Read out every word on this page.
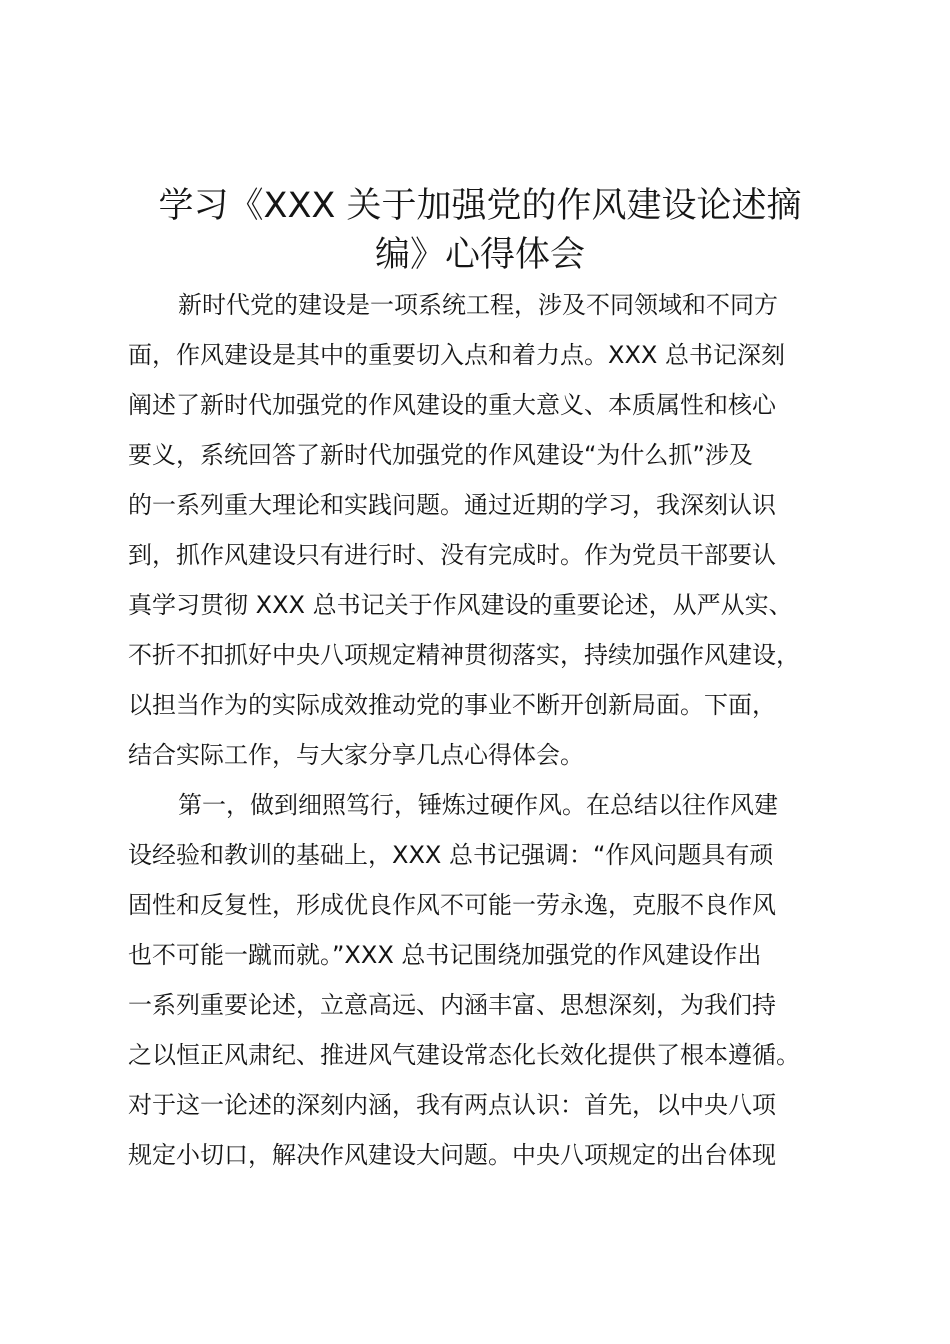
学习《XXX 关于加强党的作风建设论述摘
编》心得体会
新时代党的建设是一项系统工程，涉及不同领域和不同方
面，作风建设是其中的重要切入点和着力点。XXX 总书记深刻
阐述了新时代加强党的作风建设的重大意义、本质属性和核心
要义，系统回答了新时代加强党的作风建设“为什么抓”涉及
的一系列重大理论和实践问题。通过近期的学习，我深刻认识
到，抓作风建设只有进行时、没有完成时。作为党员干部要认
真学习贯彻 XXX 总书记关于作风建设的重要论述，从严从实、
不折不扣抓好中央八项规定精神贯彻落实，持续加强作风建设，
以担当作为的实际成效推动党的事业不断开创新局面。下面，
结合实际工作，与大家分享几点心得体会。
第一，做到细照笃行，锤炼过硬作风。在总结以往作风建
设经验和教训的基础上，XXX 总书记强调：“作风问题具有顽
固性和反复性，形成优良作风不可能一劳永逸，克服不良作风
也不可能一蹴而就。”XXX 总书记围绕加强党的作风建设作出
一系列重要论述，立意高远、内涵丰富、思想深刻，为我们持
之以恒正风肃纪、推进风气建设常态化长效化提供了根本遵循。
对于这一论述的深刻内涵，我有两点认识：首先，以中央八项
规定小切口，解决作风建设大问题。中央八项规定的出台体现
